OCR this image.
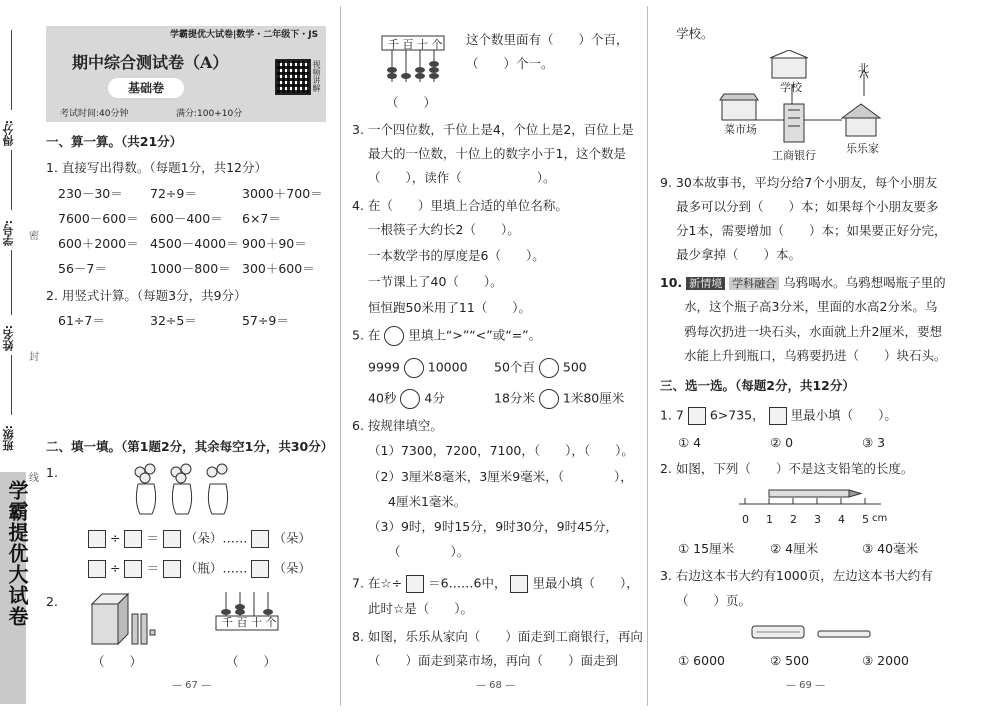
得分:
学号:
姓名:
班级:
密
封
线
学霸提优大试卷
学霸提优大试卷|数学・二年级下・JS
期中综合测试卷（A）
基础卷
考试时间:40分钟	满分:100+10分
视频讲解
一、算一算。（共21分）
1. 直接写出得数。（每题1分，共12分）
230－30＝ 72÷9＝	3000＋700＝
7600－600＝ 600－400＝ 6×7＝
600＋2000＝ 4500－4000＝ 900＋90＝
56－7＝	1000－800＝ 300＋600＝
2. 用竖式计算。（每题3分，共9分）
61÷7＝	32÷5＝	57÷9＝
二、填一填。（第1题2分，其余每空1分，共30分）
1.
÷ ＝ （朵）…… （朵）
÷ ＝ （瓶）…… （朵）
2.
（　　）
千 百 十 个
（　　）
— 67 —
千 百 十 个 这个数里面有（　　）个百，
（　　）个一。
（　　）
3. 一个四位数，千位上是4，个位上是2，百位上是
最大的一位数，十位上的数字小于1，这个数是
（　　），读作（　　　　　　）。
4. 在（　　）里填上合适的单位名称。
一根筷子大约长2（　　）。
一本数学书的厚度是6（　　）。
一节课上了40（　　）。
恒恒跑50米用了11（　　）。
5. 在 里填上“>”“<”或“=”。
9999 10000 50个百 500
40秒 4分	18分米 1米80厘米
6. 按规律填空。
（1）7300，7200，7100，（　　），（　　）。
（2）3厘米8毫米，3厘米9毫米，（　　　　），
4厘米1毫米。
（3）9时，9时15分，9时30分，9时45分，
（　　　　）。
7. 在☆÷ ＝6……6中， 里最小填（　　），
此时☆是（　　）。
8. 如图，乐乐从家向（　　）面走到工商银行，再向
（　　）面走到菜市场，再向（　　）面走到
— 68 —
学校。
北
学校
菜市场
工商银行
乐乐家
9. 30本故事书，平均分给7个小朋友，每个小朋友
最多可以分到（　　）本；如果每个小朋友要多
分1本，需要增加（　　）本；如果要正好分完，
最少拿掉（　　）本。
10. 新情境 学科融合 乌鸦喝水。乌鸦想喝瓶子里的
水，这个瓶子高3分米，里面的水高2分米。乌
鸦每次扔进一块石头，水面就上升2厘米，要想
水能上升到瓶口，乌鸦要扔进（　　）块石头。
三、选一选。（每题2分，共12分）
1. 7 6>735， 里最小填（　　）。
① 4	② 0	③ 3
2. 如图，下列（　　）不是这支铅笔的长度。
0 1 2 3 4 5 cm
① 15厘米	② 4厘米	③ 40毫米
3. 右边这本书大约有1000页，左边这本书大约有
（　　）页。
① 6000	② 500	③ 2000
— 69 —
